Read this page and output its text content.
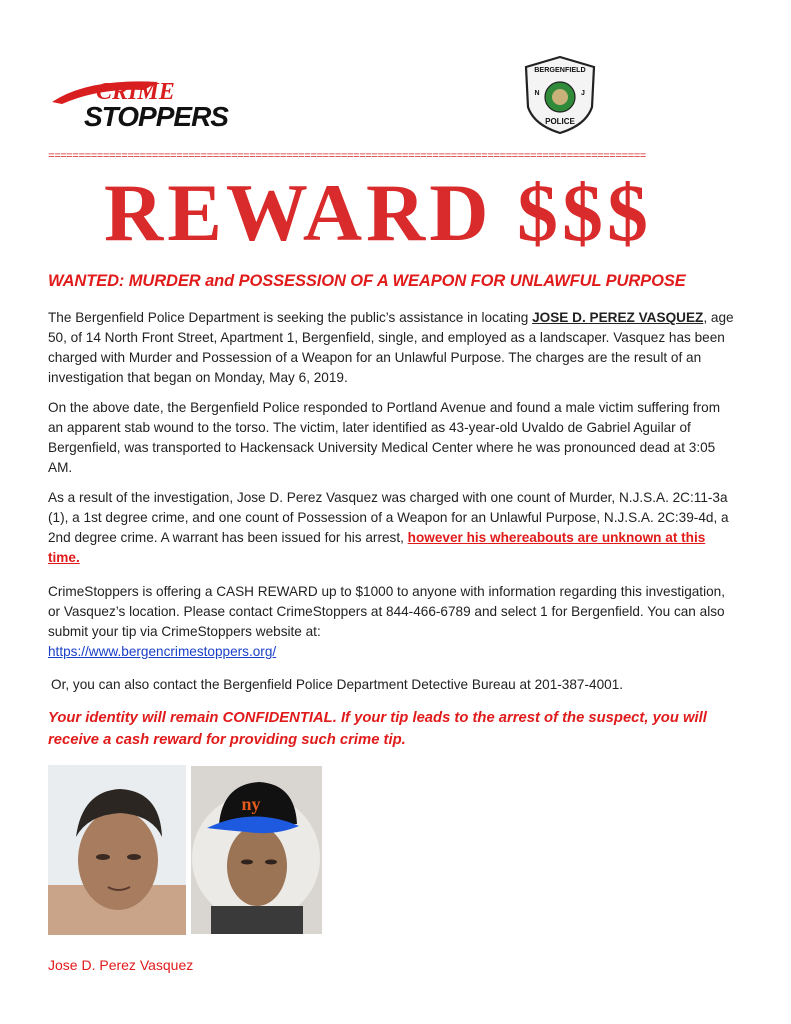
CRIME
STOPPERS
BERGENFIELD
N	J
POLICE
==================================================================================================
REWARD $$$
WANTED: MURDER and POSSESSION OF A WEAPON FOR UNLAWFUL PURPOSE
The Bergenfield Police Department is seeking the public’s assistance in locating JOSE D. PEREZ VASQUEZ, age 50, of 14 North Front Street, Apartment 1, Bergenfield, single, and employed as a landscaper. Vasquez has been charged with Murder and Possession of a Weapon for an Unlawful Purpose. The charges are the result of an investigation that began on Monday, May 6, 2019.
On the above date, the Bergenfield Police responded to Portland Avenue and found a male victim suffering from an apparent stab wound to the torso. The victim, later identified as 43-year-old Uvaldo de Gabriel Aguilar of Bergenfield, was transported to Hackensack University Medical Center where he was pronounced dead at 3:05 AM.
As a result of the investigation, Jose D. Perez Vasquez was charged with one count of Murder, N.J.S.A. 2C:11-3a (1), a 1st degree crime, and one count of Possession of a Weapon for an Unlawful Purpose, N.J.S.A. 2C:39-4d, a 2nd degree crime. A warrant has been issued for his arrest, however his whereabouts are unknown at this time.
CrimeStoppers is offering a CASH REWARD up to $1000 to anyone with information regarding this investigation, or Vasquez’s location. Please contact CrimeStoppers at 844-466-6789 and select 1 for Bergenfield. You can also submit your tip via CrimeStoppers website at:
https://www.bergencrimestoppers.org/
Or, you can also contact the Bergenfield Police Department Detective Bureau at 201-387-4001.
Your identity will remain CONFIDENTIAL. If your tip leads to the arrest of the suspect, you will receive a cash reward for providing such crime tip.
ny
Jose D. Perez Vasquez
